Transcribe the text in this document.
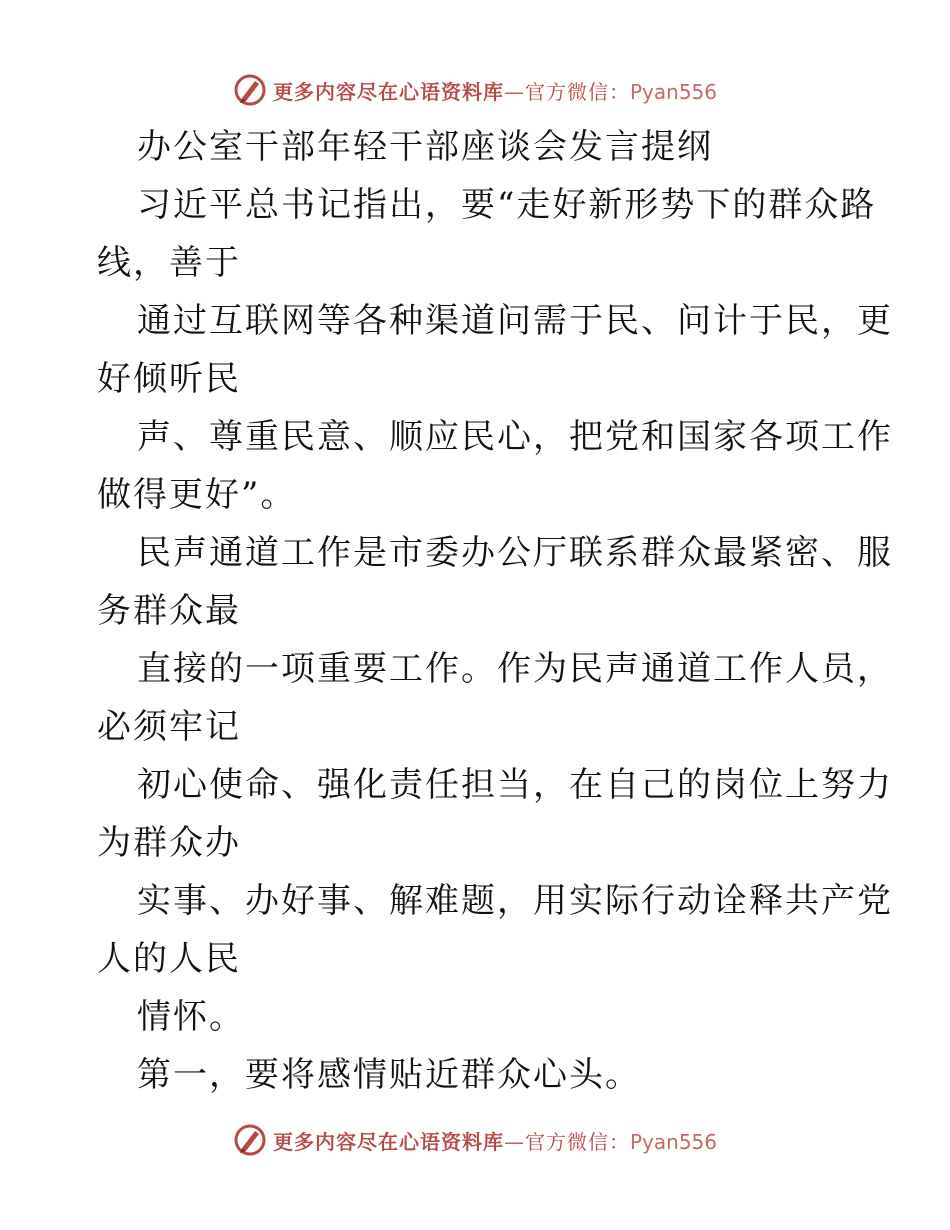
更多内容尽在心语资料库—官方微信：Pyan556
办公室干部年轻干部座谈会发言提纲
习近平总书记指出，要“走好新形势下的群众路
线，善于
通过互联网等各种渠道问需于民、问计于民，更
好倾听民
声、尊重民意、顺应民心，把党和国家各项工作
做得更好”。
民声通道工作是市委办公厅联系群众最紧密、服
务群众最
直接的一项重要工作。作为民声通道工作人员，
必须牢记
初心使命、强化责任担当，在自己的岗位上努力
为群众办
实事、办好事、解难题，用实际行动诠释共产党
人的人民
情怀。
第一，要将感情贴近群众心头。
更多内容尽在心语资料库—官方微信：Pyan556
